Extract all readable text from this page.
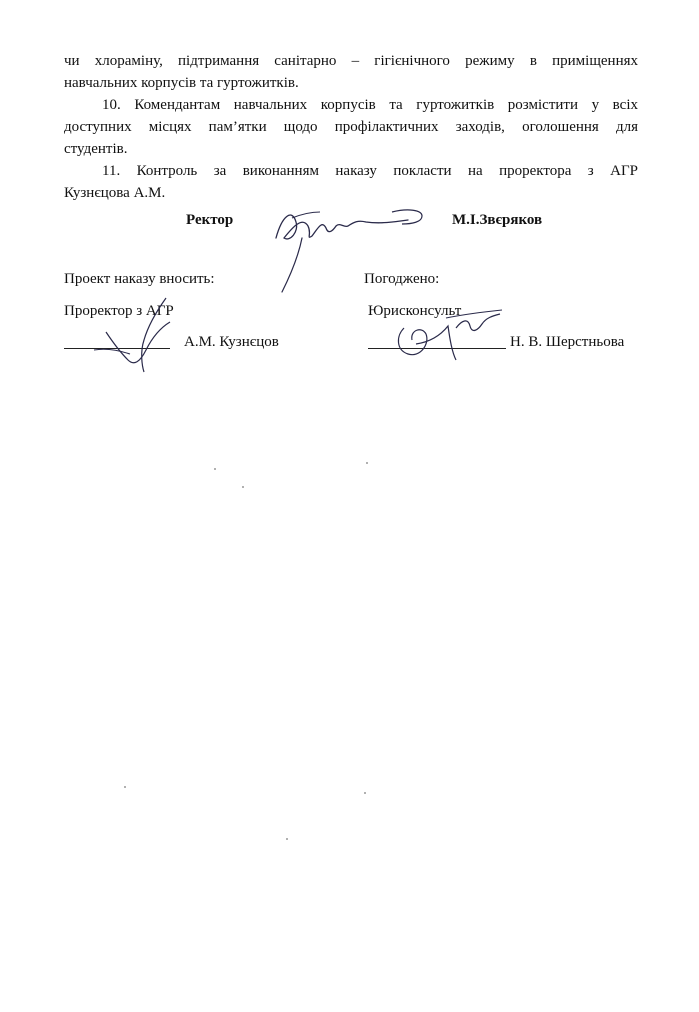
чи хлораміну, підтримання санітарно – гігієнічного режиму в приміщеннях
навчальних корпусів та гуртожитків.
10. Комендантам навчальних корпусів та гуртожитків розмістити у всіх
доступних місцях пам’ятки щодо профілактичних заходів, оголошення для
студентів.
11. Контроль за виконанням наказу покласти на проректора з АГР
Кузнєцова А.М.
Ректор	М.І.Звєряков
Проект наказу вносить:
Проректор з АГР
А.М. Кузнєцов
Погоджено:
Юрисконсульт
Н. В. Шерстньова
